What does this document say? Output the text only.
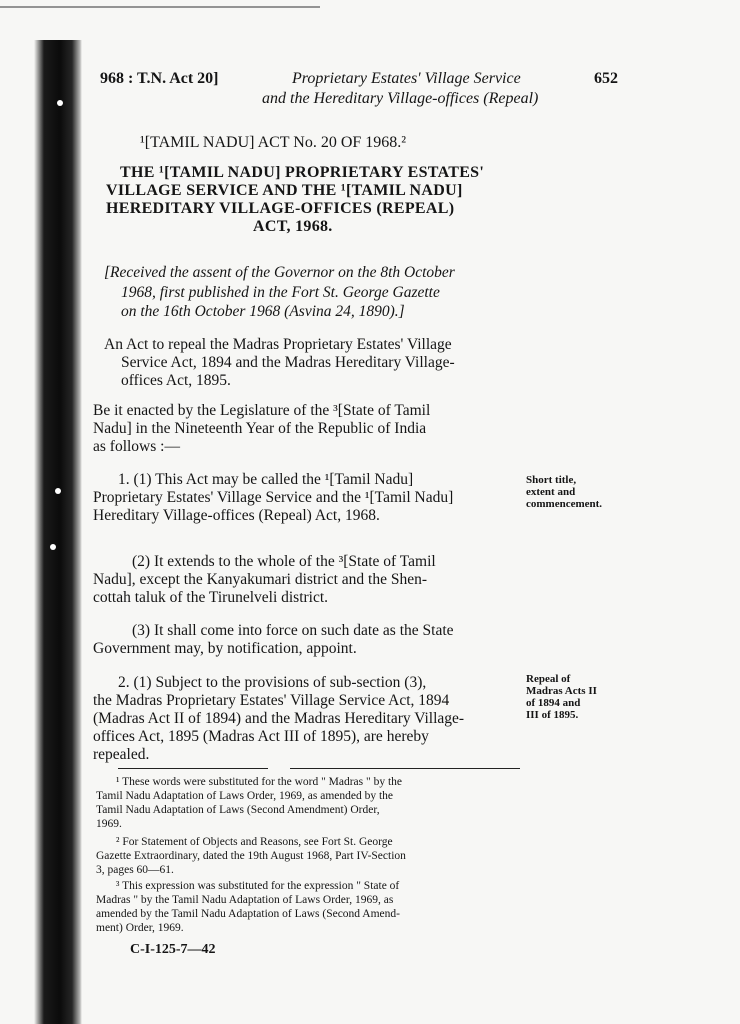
968 : T.N. Act 20]	Proprietary Estates' Village Service
and the Hereditary Village-offices (Repeal)
652
¹[TAMIL NADU] ACT No. 20 OF 1968.²
THE ¹[TAMIL NADU] PROPRIETARY ESTATES'
VILLAGE SERVICE AND THE ¹[TAMIL NADU]
HEREDITARY VILLAGE-OFFICES (REPEAL)
ACT, 1968.
[Received the assent of the Governor on the 8th October
1968, first published in the Fort St. George Gazette
on the 16th October 1968 (Asvina 24, 1890).]
An Act to repeal the Madras Proprietary Estates' Village
Service Act, 1894 and the Madras Hereditary Village-
offices Act, 1895.
Be it enacted by the Legislature of the ³[State of Tamil
Nadu] in the Nineteenth Year of the Republic of India
as follows :—
1. (1) This Act may be called the ¹[Tamil Nadu]
Proprietary Estates' Village Service and the ¹[Tamil Nadu]
Hereditary Village-offices (Repeal) Act, 1968.
Short title,
extent and
commencement.
(2) It extends to the whole of the ³[State of Tamil
Nadu], except the Kanyakumari district and the Shen-
cottah taluk of the Tirunelveli district.
(3) It shall come into force on such date as the State
Government may, by notification, appoint.
2. (1) Subject to the provisions of sub-section (3),
the Madras Proprietary Estates' Village Service Act, 1894
(Madras Act II of 1894) and the Madras Hereditary Village-
offices Act, 1895 (Madras Act III of 1895), are hereby
repealed.
Repeal of
Madras Acts II
of 1894 and
III of 1895.
¹ These words were substituted for the word " Madras " by the
Tamil Nadu Adaptation of Laws Order, 1969, as amended by the
Tamil Nadu Adaptation of Laws (Second Amendment) Order,
1969.
² For Statement of Objects and Reasons, see Fort St. George
Gazette Extraordinary, dated the 19th August 1968, Part IV-Section
3, pages 60—61.
³ This expression was substituted for the expression " State of
Madras " by the Tamil Nadu Adaptation of Laws Order, 1969, as
amended by the Tamil Nadu Adaptation of Laws (Second Amend-
ment) Order, 1969.
C-I-125-7—42
